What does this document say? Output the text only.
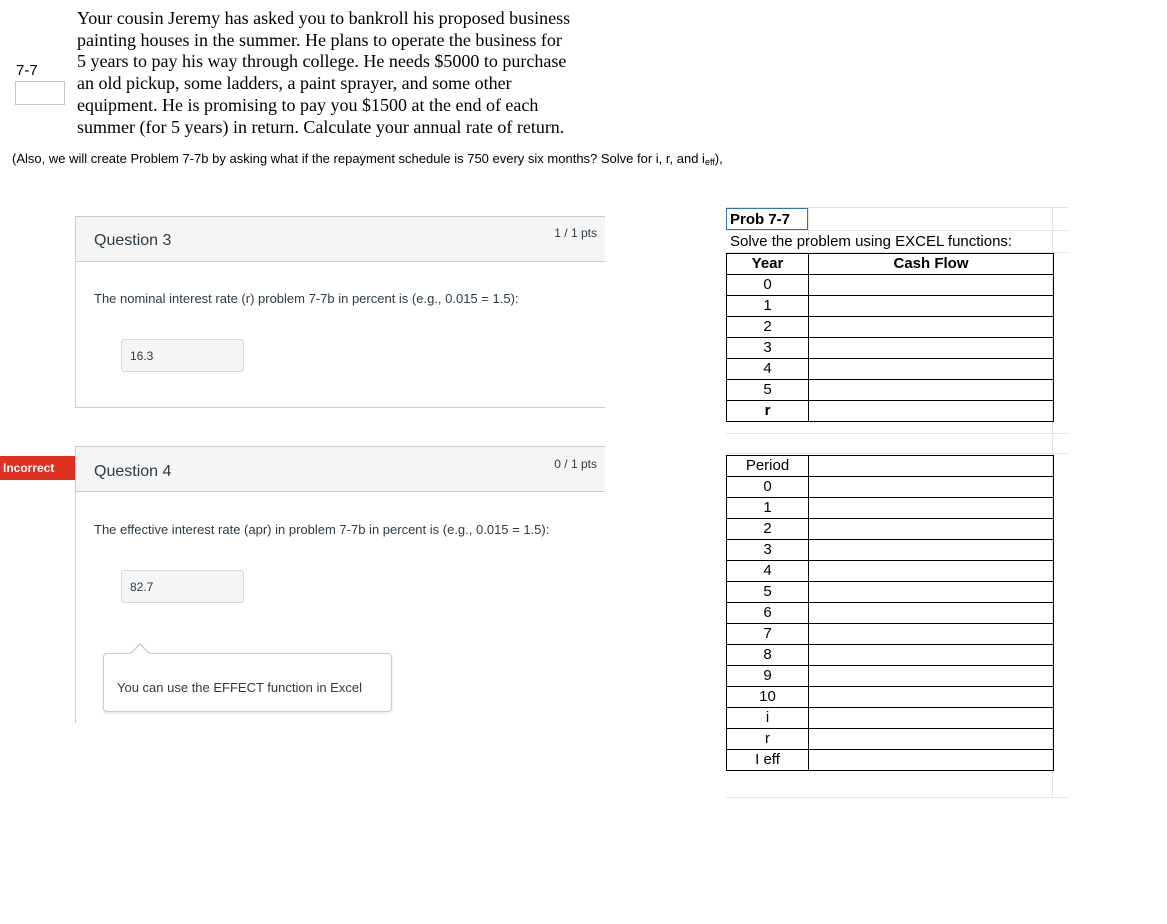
7-7
Your cousin Jeremy has asked you to bankroll his proposed business
painting houses in the summer. He plans to operate the business for
5 years to pay his way through college. He needs $5000 to purchase
an old pickup, some ladders, a paint sprayer, and some other
equipment. He is promising to pay you $1500 at the end of each
summer (for 5 years) in return. Calculate your annual rate of return.
(Also, we will create Problem 7-7b by asking what if the repayment schedule is 750 every six months? Solve for i, r, and $i_{eff}$),
Question 3	1 / 1 pts
The nominal interest rate (r) problem 7-7b in percent is (e.g., 0.015 = 1.5):
16.3
Incorrect	Question 4	0 / 1 pts
The effective interest rate (apr) in problem 7-7b in percent is (e.g., 0.015 = 1.5):
82.7
You can use the EFFECT function in Excel
Prob 7-7
Solve the problem using EXCEL functions:
Year	Cash Flow
0	
1	
2	
3	
4	
5	
r	
Period	
0	
1	
2	
3	
4	
5	
6	
7	
8	
9	
10	
i	
r	
I eff	
